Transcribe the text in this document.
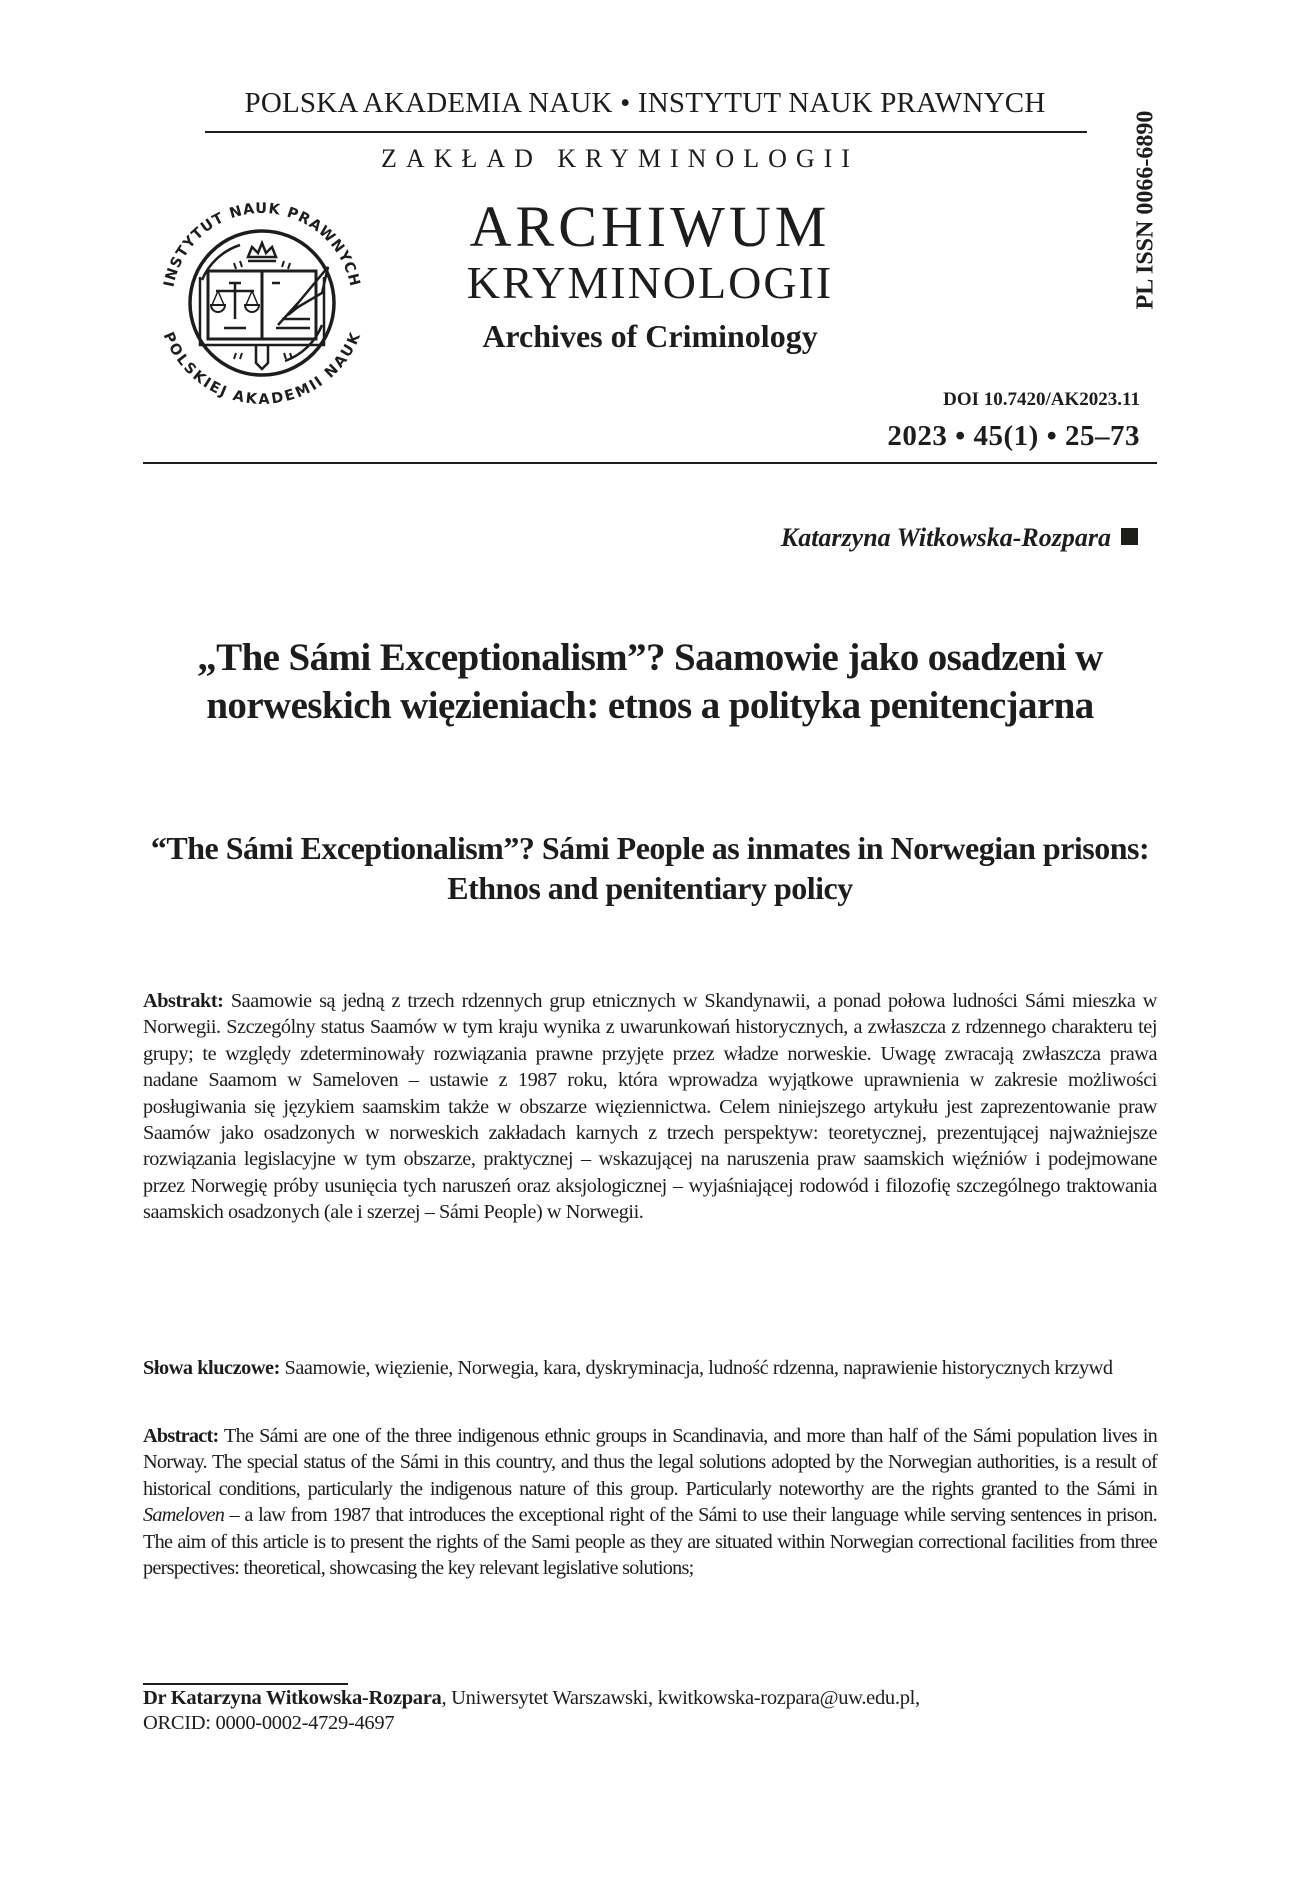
POLSKA AKADEMIA NAUK • INSTYTUT NAUK PRAWNYCH
ZAKŁAD KRYMINOLOGII
INSTYTUT NAUK PRAWNYCH
POLSKIEJ AKADEMII NAUK
ARCHIWUM
KRYMINOLOGII
Archives of Criminology
PL ISSN 0066-6890
DOI 10.7420/AK2023.11
2023 • 45(1) • 25–73
Katarzyna Witkowska-Rozpara
„The Sámi Exceptionalism”? Saamowie jako osadzeni w norweskich więzieniach: etnos a polityka penitencjarna
“The Sámi Exceptionalism”? Sámi People as inmates in Norwegian prisons: Ethnos and penitentiary policy
Abstrakt: Saamowie są jedną z trzech rdzennych grup etnicznych w Skandynawii, a ponad połowa ludności Sámi mieszka w Norwegii. Szczególny status Saamów w tym kraju wynika z uwarunkowań historycznych, a zwłaszcza z rdzennego charakteru tej grupy; te względy zdeterminowały rozwiązania prawne przyjęte przez władze norweskie. Uwagę zwracają zwłaszcza prawa nadane Saamom w Sameloven – ustawie z 1987 roku, która wprowadza wyjątkowe uprawnienia w zakresie możliwości posługiwania się językiem saamskim także w obszarze więziennictwa. Celem niniejszego artykułu jest zaprezentowanie praw Saamów jako osadzonych w norweskich zakładach karnych z trzech perspektyw: teoretycznej, prezentującej najważniejsze rozwiązania legislacyjne w tym obszarze, praktycznej – wskazującej na naruszenia praw saamskich więźniów i podejmowane przez Norwegię próby usunięcia tych naruszeń oraz aksjologicznej – wyjaśniającej rodowód i filozofię szczególnego traktowania saamskich osadzonych (ale i szerzej – Sámi People) w Norwegii.
Słowa kluczowe: Saamowie, więzienie, Norwegia, kara, dyskryminacja, ludność rdzenna, naprawienie historycznych krzywd
Abstract: The Sámi are one of the three indigenous ethnic groups in Scandinavia, and more than half of the Sámi population lives in Norway. The special status of the Sámi in this country, and thus the legal solutions adopted by the Norwegian authorities, is a result of historical conditions, particularly the indigenous nature of this group. Particularly noteworthy are the rights granted to the Sámi in Sameloven – a law from 1987 that introduces the exceptional right of the Sámi to use their language while serving sentences in prison. The aim of this article is to present the rights of the Sami people as they are situated within Norwegian correctional facilities from three perspectives: theoretical, showcasing the key relevant legislative solutions;
Dr Katarzyna Witkowska-Rozpara, Uniwersytet Warszawski, kwitkowska-rozpara@uw.edu.pl,
ORCID: 0000-0002-4729-4697
